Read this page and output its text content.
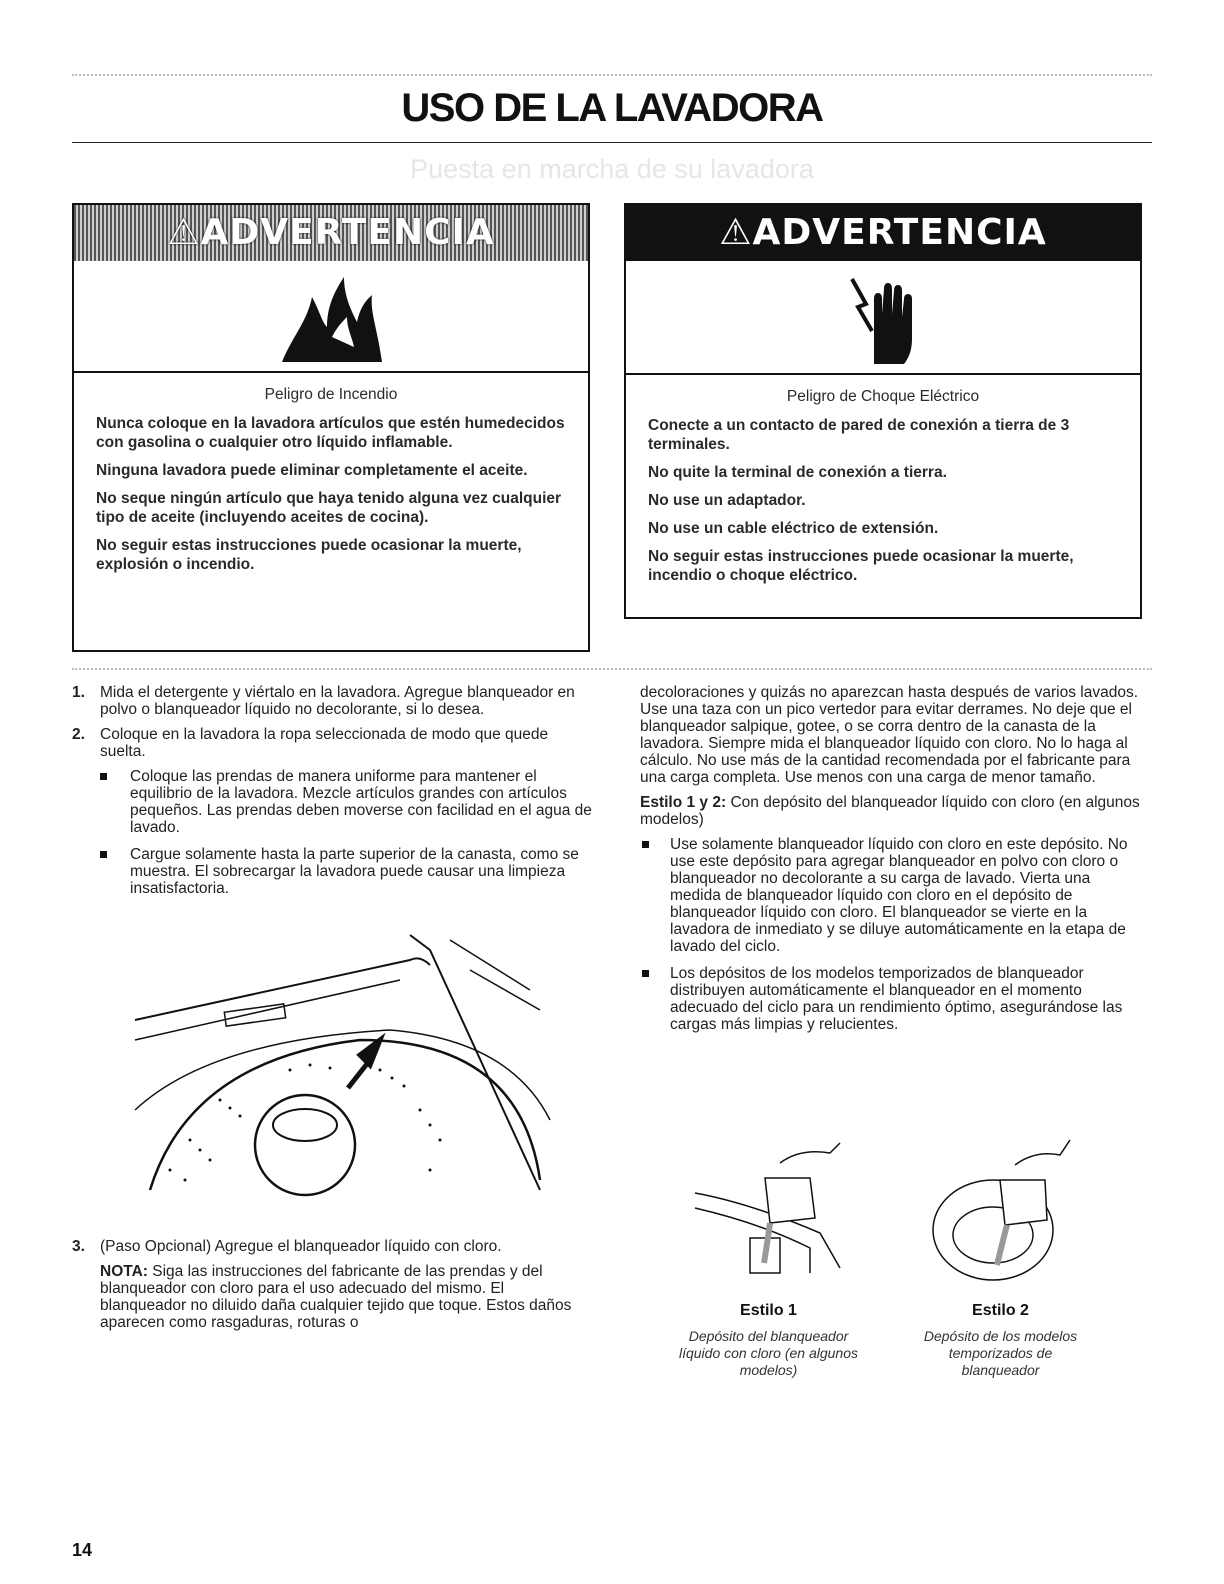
USO DE LA LAVADORA
Puesta en marcha de su lavadora
⚠ADVERTENCIA

Peligro de Incendio

Nunca coloque en la lavadora artículos que estén humedecidos con gasolina o cualquier otro líquido inflamable.

Ninguna lavadora puede eliminar completamente el aceite.

No seque ningún artículo que haya tenido alguna vez cualquier tipo de aceite (incluyendo aceites de cocina).

No seguir estas instrucciones puede ocasionar la muerte, explosión o incendio.

⚠ADVERTENCIA

Peligro de Choque Eléctrico

Conecte a un contacto de pared de conexión a tierra de 3 terminales.

No quite la terminal de conexión a tierra.

No use un adaptador.

No use un cable eléctrico de extensión.

No seguir estas instrucciones puede ocasionar la muerte, incendio o choque eléctrico.

1. Mida el detergente y viértalo en la lavadora. Agregue blanqueador en polvo o blanqueador líquido no decolorante, si lo desea.
2. Coloque en la lavadora la ropa seleccionada de modo que quede suelta.
Coloque las prendas de manera uniforme para mantener el equilibrio de la lavadora. Mezcle artículos grandes con artículos pequeños. Las prendas deben moverse con facilidad en el agua de lavado.
Cargue solamente hasta la parte superior de la canasta, como se muestra. El sobrecargar la lavadora puede causar una limpieza insatisfactoria.
3. (Paso Opcional) Agregue el blanqueador líquido con cloro.
NOTA: Siga las instrucciones del fabricante de las prendas y del blanqueador con cloro para el uso adecuado del mismo. El blanqueador no diluido daña cualquier tejido que toque. Estos daños aparecen como rasgaduras, roturas o

decoloraciones y quizás no aparezcan hasta después de varios lavados. Use una taza con un pico vertedor para evitar derrames. No deje que el blanqueador salpique, gotee, o se corra dentro de la canasta de la lavadora. Siempre mida el blanqueador líquido con cloro. No lo haga al cálculo. No use más de la cantidad recomendada por el fabricante para una carga completa. Use menos con una carga de menor tamaño.

Estilo 1 y 2: Con depósito del blanqueador líquido con cloro (en algunos modelos)

Use solamente blanqueador líquido con cloro en este depósito. No use este depósito para agregar blanqueador en polvo con cloro o blanqueador no decolorante a su carga de lavado. Vierta una medida de blanqueador líquido con cloro en el depósito de blanqueador líquido con cloro. El blanqueador se vierte en la lavadora de inmediato y se diluye automáticamente en la etapa de lavado del ciclo.
Los depósitos de los modelos temporizados de blanqueador distribuyen automáticamente el blanqueador en el momento adecuado del ciclo para un rendimiento óptimo, asegurándose las cargas más limpias y relucientes.
Estilo 1
Depósito del blanqueador líquido con cloro (en algunos modelos)
Estilo 2
Depósito de los modelos temporizados de blanqueador
14
